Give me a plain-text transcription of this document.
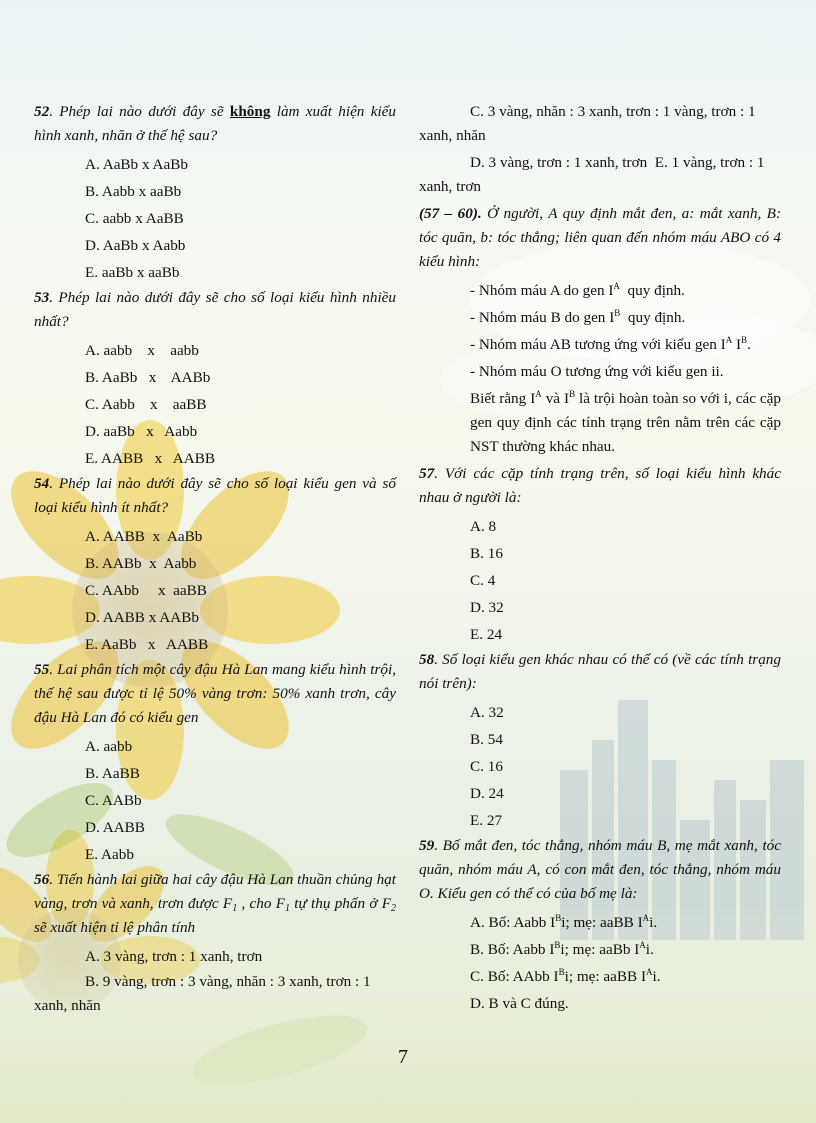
52. Phép lai nào dưới đây sẽ không làm xuất hiện kiểu hình xanh, nhăn ở thế hệ sau?

A. AaBb x AaBb

B. Aabb x aaBb

C. aabb x AaBB

D. AaBb x Aabb

E. aaBb x aaBb

53. Phép lai nào dưới đây sẽ cho số loại kiểu hình nhiều nhất?

A. aabb    x    aabb

B. AaBb   x    AABb

C. Aabb    x    aaBB

D. aaBb   x   Aabb

E. AABB   x   AABB

54. Phép lai nào dưới đây sẽ cho số loại kiểu gen và số loại kiểu hình ít nhất?

A. AABB  x  AaBb

B. AABb  x  Aabb

C. AAbb     x  aaBB

D. AABB x AABb

E. AaBb   x   AABB

55. Lai phân tích một cây đậu Hà Lan mang kiểu hình trội, thế hệ sau được tỉ lệ 50% vàng trơn: 50% xanh trơn, cây đậu Hà Lan đó có kiểu gen

A. aabb

B. AaBB

C. AABb

D. AABB

E. Aabb

56. Tiến hành lai giữa hai cây đậu Hà Lan thuần chủng hạt vàng, trơn và xanh, trơn được $F_1$ , cho $F_1$ tự thụ phấn ở $F_2$ sẽ xuất hiện tỉ lệ phân tính

A. 3 vàng, trơn : 1 xanh, trơn

B. 9 vàng, trơn : 3 vàng, nhăn : 3 xanh, trơn : 1 xanh, nhăn

C. 3 vàng, nhăn : 3 xanh, trơn : 1 vàng, trơn : 1 xanh, nhăn

D. 3 vàng, trơn : 1 xanh, trơn  E. 1 vàng, trơn : 1 xanh, trơn

(57 – 60). Ở người, A quy định mắt đen, a: mắt xanh, B: tóc quăn, b: tóc thẳng; liên quan đến nhóm máu ABO có 4 kiểu hình:

- Nhóm máu A do gen $I^A$  quy định.

- Nhóm máu B do gen $I^B$  quy định.

- Nhóm máu AB tương ứng với kiểu gen $I^A$ $I^B$.

- Nhóm máu O tương ứng với kiểu gen ii.

Biết rằng $I^A$ và $I^B$ là trội hoàn toàn so với i, các cặp gen quy định các tính trạng trên nằm trên các cặp NST thường khác nhau.

57. Với các cặp tính trạng trên, số loại kiểu hình khác nhau ở người là:

A. 8

B. 16

C. 4

D. 32

E. 24

58. Số loại kiểu gen khác nhau có thể có (về các tính trạng nói trên):

A. 32

B. 54

C. 16

D. 24

E. 27

59. Bố mắt đen, tóc thẳng, nhóm máu B, mẹ mắt xanh, tóc quăn, nhóm máu A, có con mắt đen, tóc thẳng, nhóm máu O. Kiểu gen có thể có của bố mẹ là:

A. Bố: Aabb $I^Bi$; mẹ: aaBB $I^Ai$.

B. Bố: Aabb $I^Bi$; mẹ: aaBb $I^Ai$.

C. Bố: AAbb $I^Bi$; mẹ: aaBB $I^Ai$.

D. B và C đúng.

7
